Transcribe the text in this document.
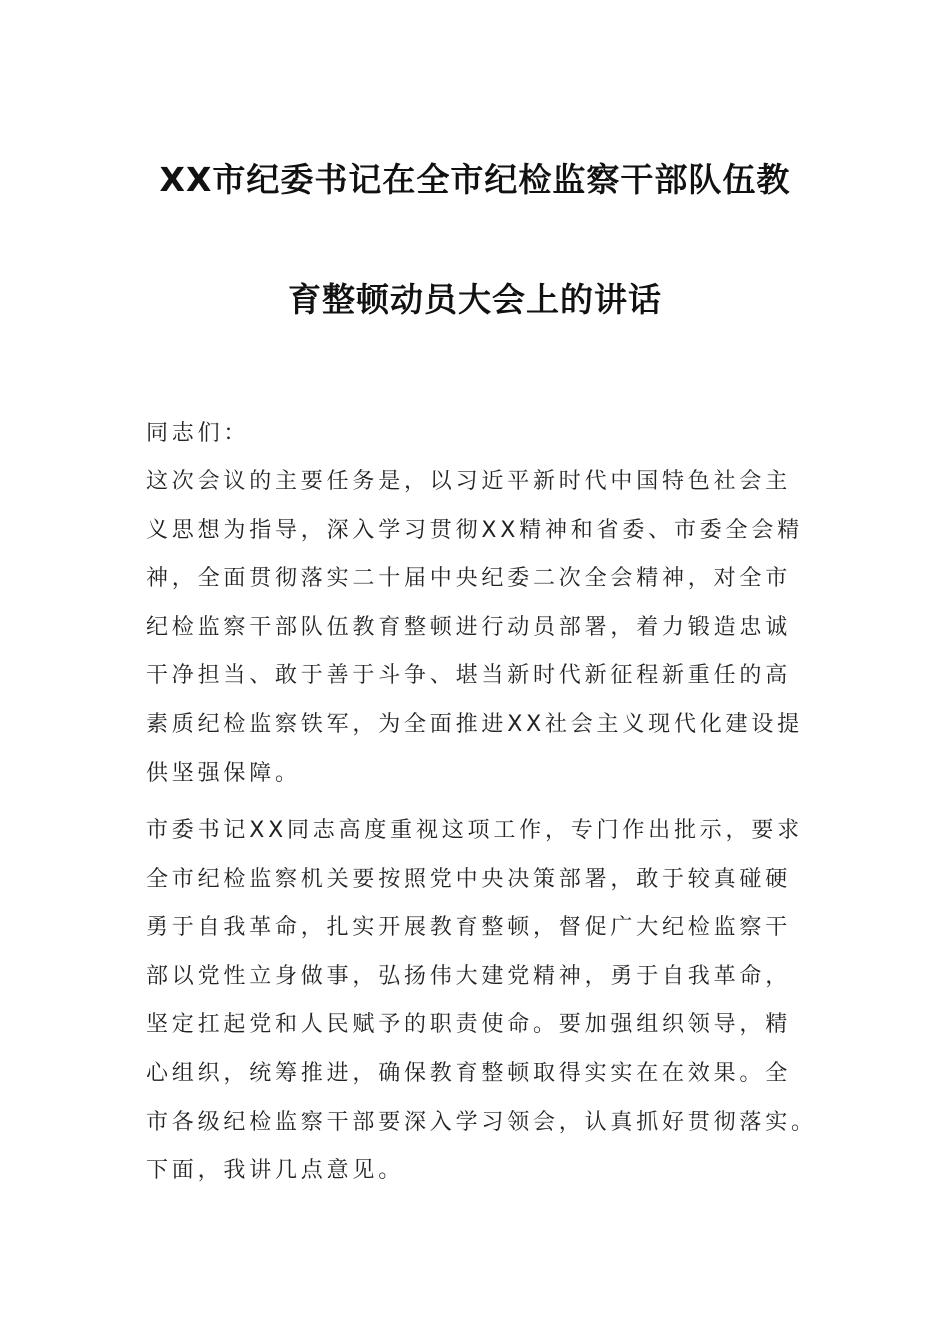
XX市纪委书记在全市纪检监察干部队伍教
育整顿动员大会上的讲话
同志们：
这次会议的主要任务是，以习近平新时代中国特色社会主
义思想为指导，深入学习贯彻XX精神和省委、市委全会精
神，全面贯彻落实二十届中央纪委二次全会精神，对全市
纪检监察干部队伍教育整顿进行动员部署，着力锻造忠诚
干净担当、敢于善于斗争、堪当新时代新征程新重任的高
素质纪检监察铁军，为全面推进XX社会主义现代化建设提
供坚强保障。
市委书记XX同志高度重视这项工作，专门作出批示，要求
全市纪检监察机关要按照党中央决策部署，敢于较真碰硬
勇于自我革命，扎实开展教育整顿，督促广大纪检监察干
部以党性立身做事，弘扬伟大建党精神，勇于自我革命，
坚定扛起党和人民赋予的职责使命。要加强组织领导，精
心组织，统筹推进，确保教育整顿取得实实在在效果。全
市各级纪检监察干部要深入学习领会，认真抓好贯彻落实。
下面，我讲几点意见。
